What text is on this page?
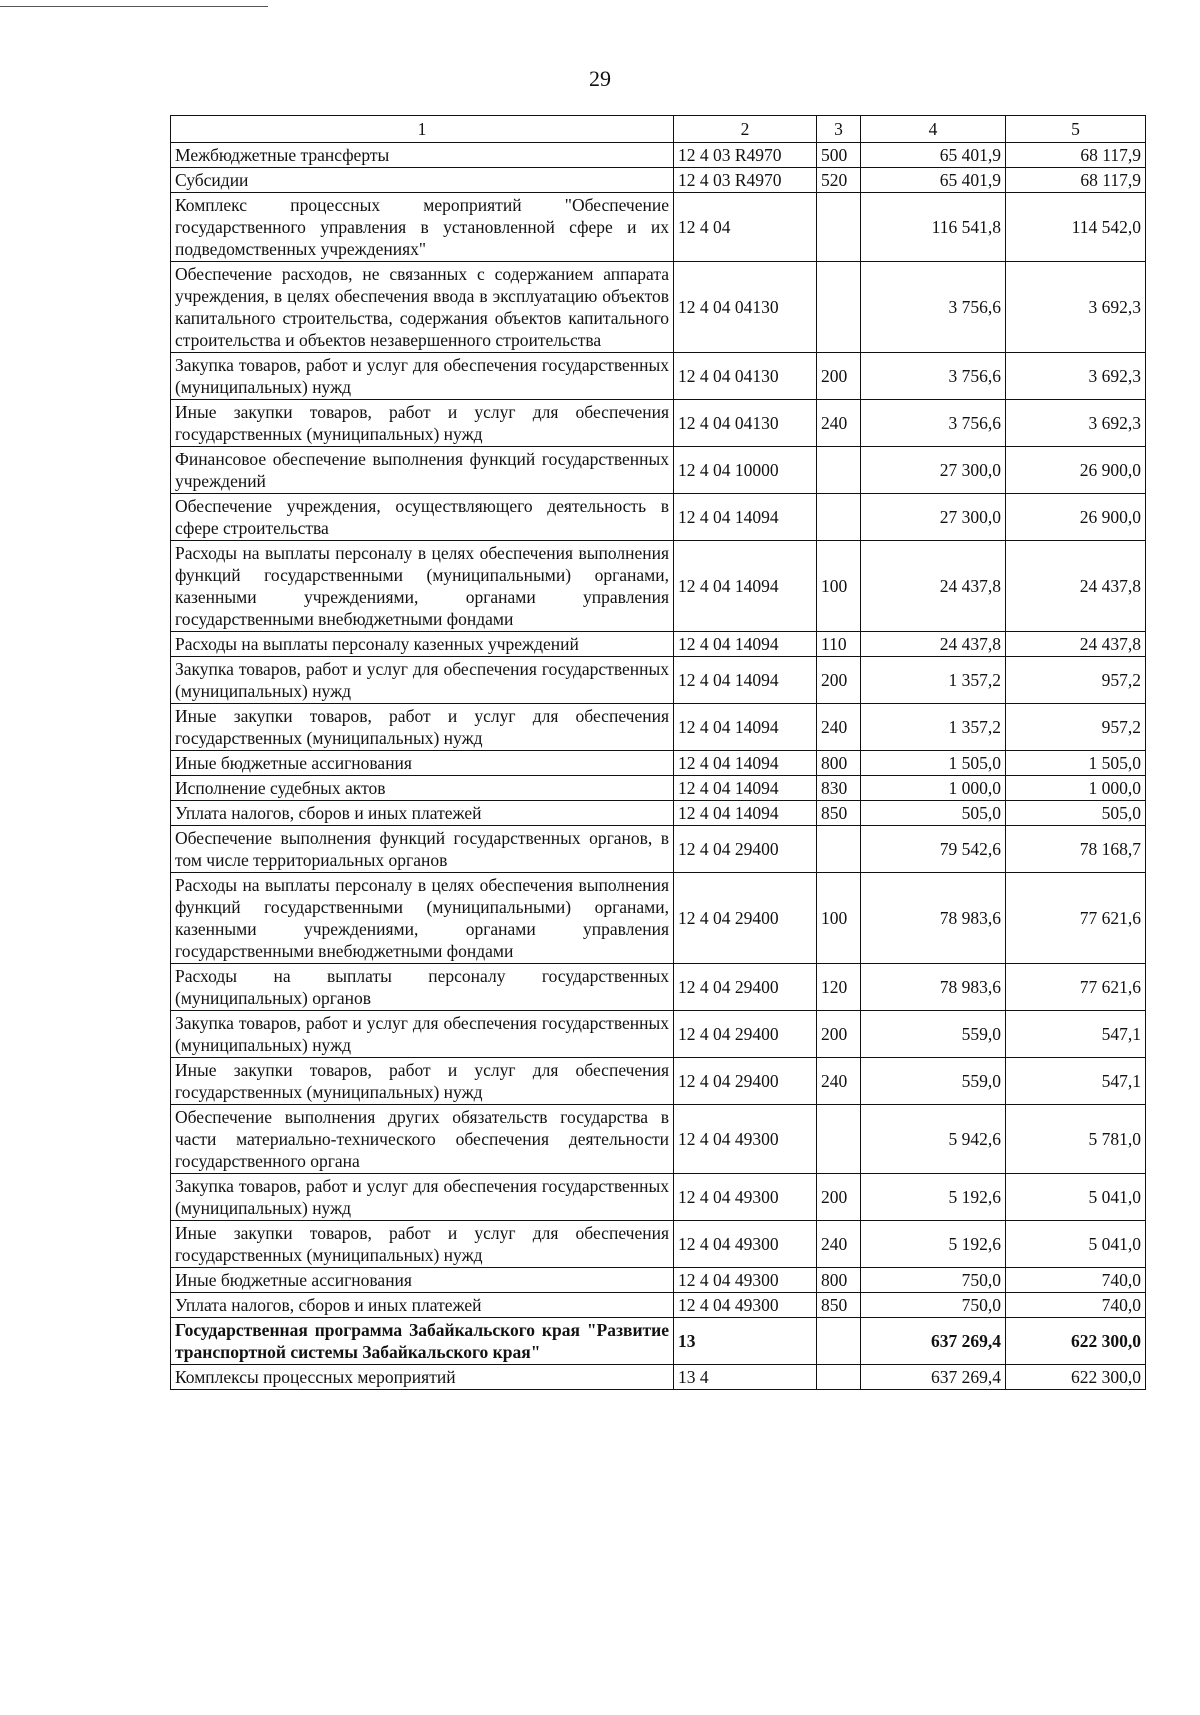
29
1	2	3	4	5
Межбюджетные трансферты	12 4 03 R4970	500	65 401,9	68 117,9
Субсидии	12 4 03 R4970	520	65 401,9	68 117,9
Комплекс процессных мероприятий "Обеспечение государственного управления в установленной сфере и их подведомственных учреждениях"	12 4 04		116 541,8	114 542,0
Обеспечение расходов, не связанных с содержанием аппарата учреждения, в целях обеспечения ввода в эксплуатацию объектов капитального строительства, содержания объектов капитального строительства и объектов незавершенного строительства	12 4 04 04130		3 756,6	3 692,3
Закупка товаров, работ и услуг для обеспечения государственных (муниципальных) нужд	12 4 04 04130	200	3 756,6	3 692,3
Иные закупки товаров, работ и услуг для обеспечения государственных (муниципальных) нужд	12 4 04 04130	240	3 756,6	3 692,3
Финансовое обеспечение выполнения функций государственных учреждений	12 4 04 10000		27 300,0	26 900,0
Обеспечение учреждения, осуществляющего деятельность в сфере строительства	12 4 04 14094		27 300,0	26 900,0
Расходы на выплаты персоналу в целях обеспечения выполнения функций государственными (муниципальными) органами, казенными учреждениями, органами управления государственными внебюджетными фондами	12 4 04 14094	100	24 437,8	24 437,8
Расходы на выплаты персоналу казенных учреждений	12 4 04 14094	110	24 437,8	24 437,8
Закупка товаров, работ и услуг для обеспечения государственных (муниципальных) нужд	12 4 04 14094	200	1 357,2	957,2
Иные закупки товаров, работ и услуг для обеспечения государственных (муниципальных) нужд	12 4 04 14094	240	1 357,2	957,2
Иные бюджетные ассигнования	12 4 04 14094	800	1 505,0	1 505,0
Исполнение судебных актов	12 4 04 14094	830	1 000,0	1 000,0
Уплата налогов, сборов и иных платежей	12 4 04 14094	850	505,0	505,0
Обеспечение выполнения функций государственных органов, в том числе территориальных органов	12 4 04 29400		79 542,6	78 168,7
Расходы на выплаты персоналу в целях обеспечения выполнения функций государственными (муниципальными) органами, казенными учреждениями, органами управления государственными внебюджетными фондами	12 4 04 29400	100	78 983,6	77 621,6
Расходы на выплаты персоналу государственных (муниципальных) органов	12 4 04 29400	120	78 983,6	77 621,6
Закупка товаров, работ и услуг для обеспечения государственных (муниципальных) нужд	12 4 04 29400	200	559,0	547,1
Иные закупки товаров, работ и услуг для обеспечения государственных (муниципальных) нужд	12 4 04 29400	240	559,0	547,1
Обеспечение выполнения других обязательств государства в части материально-технического обеспечения деятельности государственного органа	12 4 04 49300		5 942,6	5 781,0
Закупка товаров, работ и услуг для обеспечения государственных (муниципальных) нужд	12 4 04 49300	200	5 192,6	5 041,0
Иные закупки товаров, работ и услуг для обеспечения государственных (муниципальных) нужд	12 4 04 49300	240	5 192,6	5 041,0
Иные бюджетные ассигнования	12 4 04 49300	800	750,0	740,0
Уплата налогов, сборов и иных платежей	12 4 04 49300	850	750,0	740,0
Государственная программа Забайкальского края "Развитие транспортной системы Забайкальского края"	13		637 269,4	622 300,0
Комплексы процессных мероприятий	13 4		637 269,4	622 300,0
